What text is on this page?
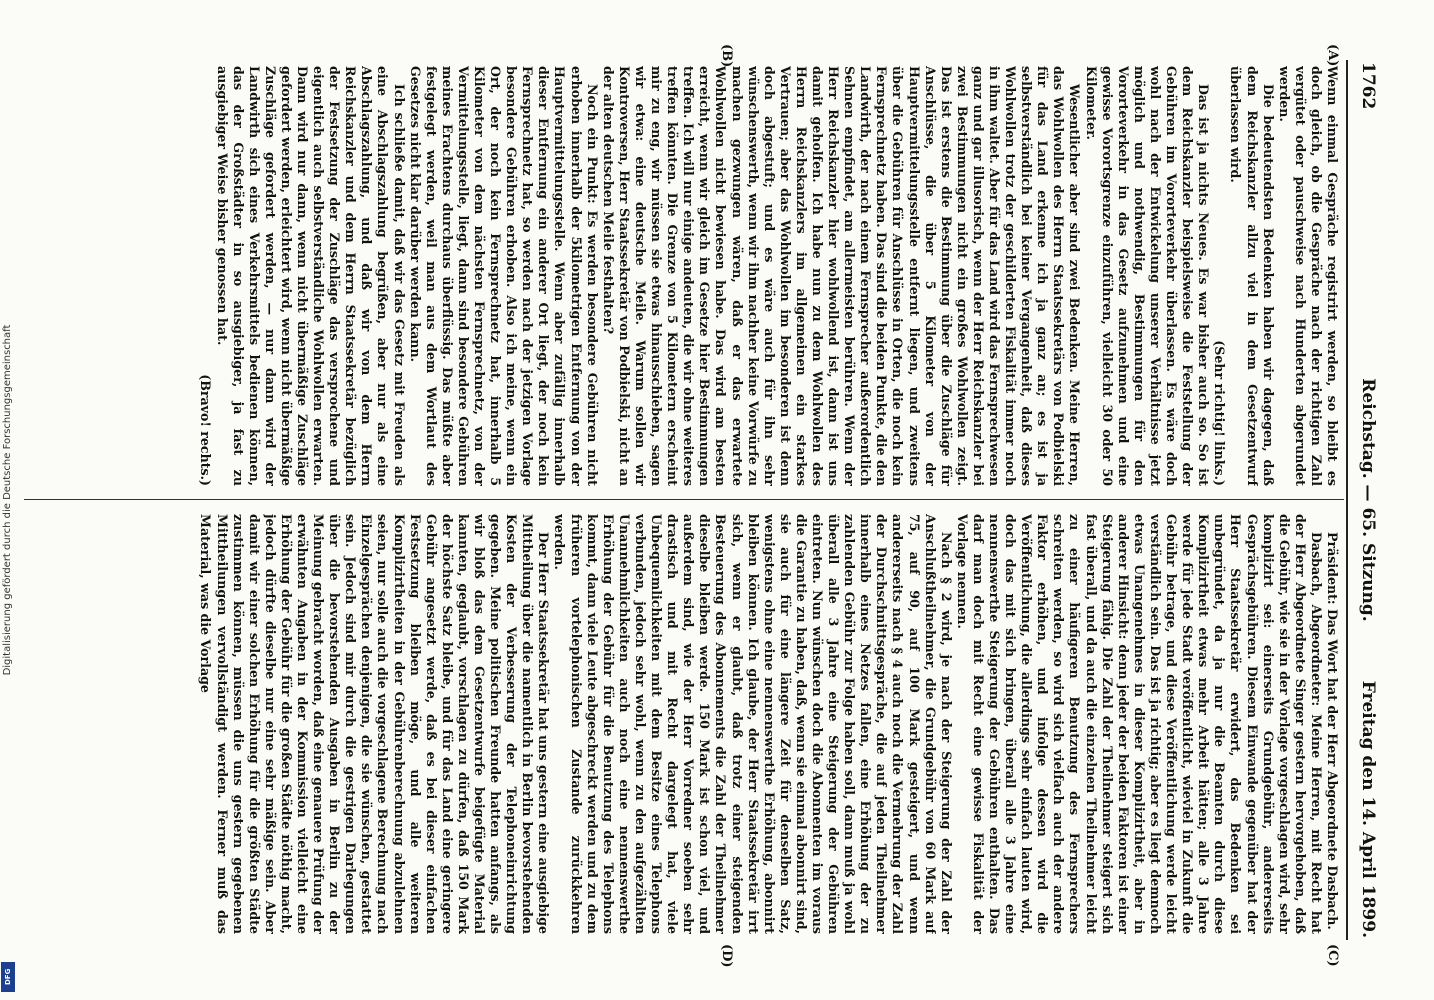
1762
Reichstag. — 65. Sitzung.
Freitag den 14. April 1899.
(A)
(B)
(C)
(D)

Wenn einmal Gespräche registrirt werden, so bleibt es doch gleich, ob die Gespräche nach der richtigen Zahl vergütet oder pauschweise nach Hunderten abgerundet werden.

Die bedeutendsten Bedenken haben wir dagegen, daß dem Reichskanzler allzu viel in dem Gesetzentwurf überlassen wird.

(Sehr richtig! links.)

Das ist ja nichts Neues. Es war bisher auch so. So ist dem Reichskanzler beispielsweise die Feststellung der Gebühren im Vororteverkehr überlassen. Es wäre doch wohl nach der Entwickelung unserer Verhältnisse jetzt möglich und nothwendig, Bestimmungen für den Vororteverkehr in das Gesetz aufzunehmen und eine gewisse Vorortsgrenze einzuführen, vielleicht 30 oder 50 Kilometer.

Wesentlicher aber sind zwei Bedenken. Meine Herren, das Wohlwollen des Herrn Staatssekretärs von Podbielski für das Land erkenne ich ja ganz an; es ist ja selbstverständlich bei keiner Vergangenheit, daß dieses Wohlwollen trotz der geschilderten Fiskalität immer noch in ihm waltet. Aber für das Land wird das Fernsprechwesen ganz und gar illusorisch, wenn der Herr Reichskanzler bei zwei Bestimmungen nicht ein großes Wohlwollen zeigt. Das ist erstens die Bestimmung über die Zuschläge für Anschlüsse, die über 5 Kilometer von der Hauptvermittelungsstelle entfernt liegen, und zweitens über die Gebühren für Anschlüsse in Orten, die noch kein Fernsprechnetz haben. Das sind die beiden Punkte, die den Landwirth, der nach einem Fernsprecher außerordentlich Sehnen empfindet, am allermeisten berühren. Wenn der Herr Reichskanzler hier wohlwollend ist, dann ist uns damit geholfen. Ich habe nun zu dem Wohlwollen des Herrn Reichskanzlers im allgemeinen ein starkes Vertrauen; aber das Wohlwollen im besonderen ist denn doch abgestuft; und es wäre auch für ihn sehr wünschenswerth, wenn wir ihm nachher keine Vorwürfe zu machen gezwungen wären, daß er das erwartete Wohlwollen nicht bewiesen habe. Das wird am besten erreicht, wenn wir gleich im Gesetze hier Bestimmungen treffen. Ich will nur einige andeuten, die wir ohne weiteres treffen könnten. Die Grenze von 5 Kilometern erscheint mir zu eng, wir müssen sie etwas hinausschieben, sagen wir etwa: eine deutsche Meile. Warum sollen wir Kontroversen, Herr Staatssekretär von Podbielski, nicht an der alten deutschen Meile festhalten?

Noch ein Punkt: Es werden besondere Gebühren nicht erhoben innerhalb der 5kilometrigen Entfernung von der Hauptvermittelungsstelle. Wenn aber zufällig innerhalb dieser Entfernung ein anderer Ort liegt, der noch kein Fernsprechnetz hat, so werden nach der jetzigen Vorlage besondere Gebühren erhoben. Also ich meine, wenn ein Ort, der noch kein Fernsprechnetz hat, innerhalb 5 Kilometer von dem nächsten Fernsprechnetz, von der Vermittelungsstelle, liegt, dann sind besondere Gebühren meines Erachtens durchaus überflüssig. Das müßte aber festgelegt werden, weil man aus dem Wortlaut des Gesetzes nicht klar darüber werden kann.

Ich schließe damit, daß wir das Gesetz mit Freuden als eine Abschlagszahlung begrüßen, aber nur als eine Abschlagszahlung, und daß wir von dem Herrn Reichskanzler und dem Herrn Staatssekretär bezüglich der Festsetzung der Zuschläge das versprochene und eigentlich auch selbstverständliche Wohlwollen erwarten. Dann wird nur dann, wenn nicht übermäßige Zuschläge gefordert werden, erleichtert wird, wenn nicht übermäßige Zuschläge gefordert werden, — nur dann wird der Landwirth sich eines Verkehrsmittels bedienen können, das der Großstädter in so ausgiebiger, ja fast zu ausgiebiger Weise bisher genossen hat.

(Bravo! rechts.)

Präsident: Das Wort hat der Herr Abgeordnete Dasbach.

Dasbach, Abgeordneter: Meine Herren, mit Recht hat der Herr Abgeordnete Singer gestern hervorgehoben, daß die Gebühr, wie sie in der Vorlage vorgeschlagen wird, sehr komplizirt sei: einerseits Grundgebühr, andererseits Gesprächsgebühren. Diesem Einwande gegenüber hat der Herr Staatssekretär erwidert, das Bedenken sei unbegründet, da ja nur die Beamten durch diese Komplizirtheit etwas mehr Arbeit hätten; alle 3 Jahre werde für jede Stadt veröffentlicht, wieviel in Zukunft die Gebühr betrage, und diese Veröffentlichung werde leicht verständlich sein. Das ist ja richtig; aber es liegt demnoch etwas Unangenehmes in dieser Komplizirtheit, aber in anderer Hinsicht: denn jeder der beiden Faktoren ist einer Steigerung fähig. Die Zahl der Theilnehmer steigert sich fast überall, und da auch die einzelnen Theilnehmer leicht zu einer häufigeren Benutzung des Fernsprechers schreiten werden, so wird sich vielfach auch der andere Faktor erhöhen, und infolge dessen wird die Veröffentlichung, die allerdings sehr einfach lauten wird, doch das mit sich bringen, überall alle 3 Jahre eine nennenswerthe Steigerung der Gebühren enthalten. Das darf man doch mit Recht eine gewisse Fiskalität der Vorlage nennen.

Nach § 2 wird, je nach der Steigerung der Zahl der Anschlußtheilnehmer, die Grundgebühr von 60 Mark auf 75, auf 90, auf 100 Mark gesteigert, und wenn andererseits nach § 4 auch noch die Vermehrung der Zahl der Durchschnittsgespräche, die auf jeden Theilnehmer innerhalb eines Netzes fallen, eine Erhöhung der zu zahlenden Gebühr zur Folge haben soll, dann muß ja wohl überall alle 3 Jahre eine Steigerung der Gebühren eintreten. Nun wünschen doch die Abonnenten im voraus die Garantie zu haben, daß, wenn sie einmal abonnirt sind, sie auch für eine längere Zeit für denselben Satz, wenigstens ohne eine nennenswerthe Erhöhung, abonnirt bleiben können. Ich glaube, der Herr Staatssekretär irrt sich, wenn er glaubt, daß trotz einer steigenden Besteuerung des Abonnements die Zahl der Theilnehmer dieselbe bleiben werde. 150 Mark ist schon viel, und außerdem sind, wie der Herr Vorredner soeben sehr drastisch und mit Recht dargelegt hat, viele Unbequemlichkeiten mit dem Besitze eines Telephons verbunden, jedoch sehr wohl, wenn zu den aufgezählten Unannehmlichkeiten auch noch eine nennenswerthe Erhöhung der Gebühr für die Benutzung des Telephons kommt, dann viele Leute abgeschreckt werden und zu dem früheren vortelephonischen Zustande zurückkehren werden.

Der Herr Staatssekretär hat uns gestern eine ausgiebige Mittheilung über die namentlich in Berlin bevorstehenden Kosten der Verbesserung der Telephoneinrichtung gegeben. Meine politischen Freunde hatten anfangs, als wir bloß das dem Gesetzentwurfe beigefügte Material kannten, geglaubt, vorschlagen zu dürfen, daß 150 Mark der höchste Satz bleibe, und für das Land eine geringere Gebühr angesetzt werde, daß es bei dieser einfachen Festsetzung bleiben möge, und alle weiteren Komplizirtheiten in der Gebührenberechnung abzulehnen seien, nur solle auch die vorgeschlagene Berechnung nach Einzelgesprächen denjenigen, die sie wünschen, gestattet sein. Jedoch sind mir durch die gestrigen Darlegungen über die bevorstehenden Ausgaben in Berlin zu der Meinung gebracht worden, daß eine genauere Prüfung der erwähnten Angaben in der Kommission vielleicht eine Erhöhung der Gebühr für die großen Städte nöthig macht, jedoch dürfte dieselbe nur eine sehr mäßige sein. Aber damit wir einer solchen Erhöhung für die größten Städte zustimmen können, müssen die uns gestern gegebenen Mittheilungen vervollständigt werden. Ferner muß das Material, was die Vorlage

Digitalisierung gefördert durch die Deutsche Forschungsgemeinschaft
DFG
